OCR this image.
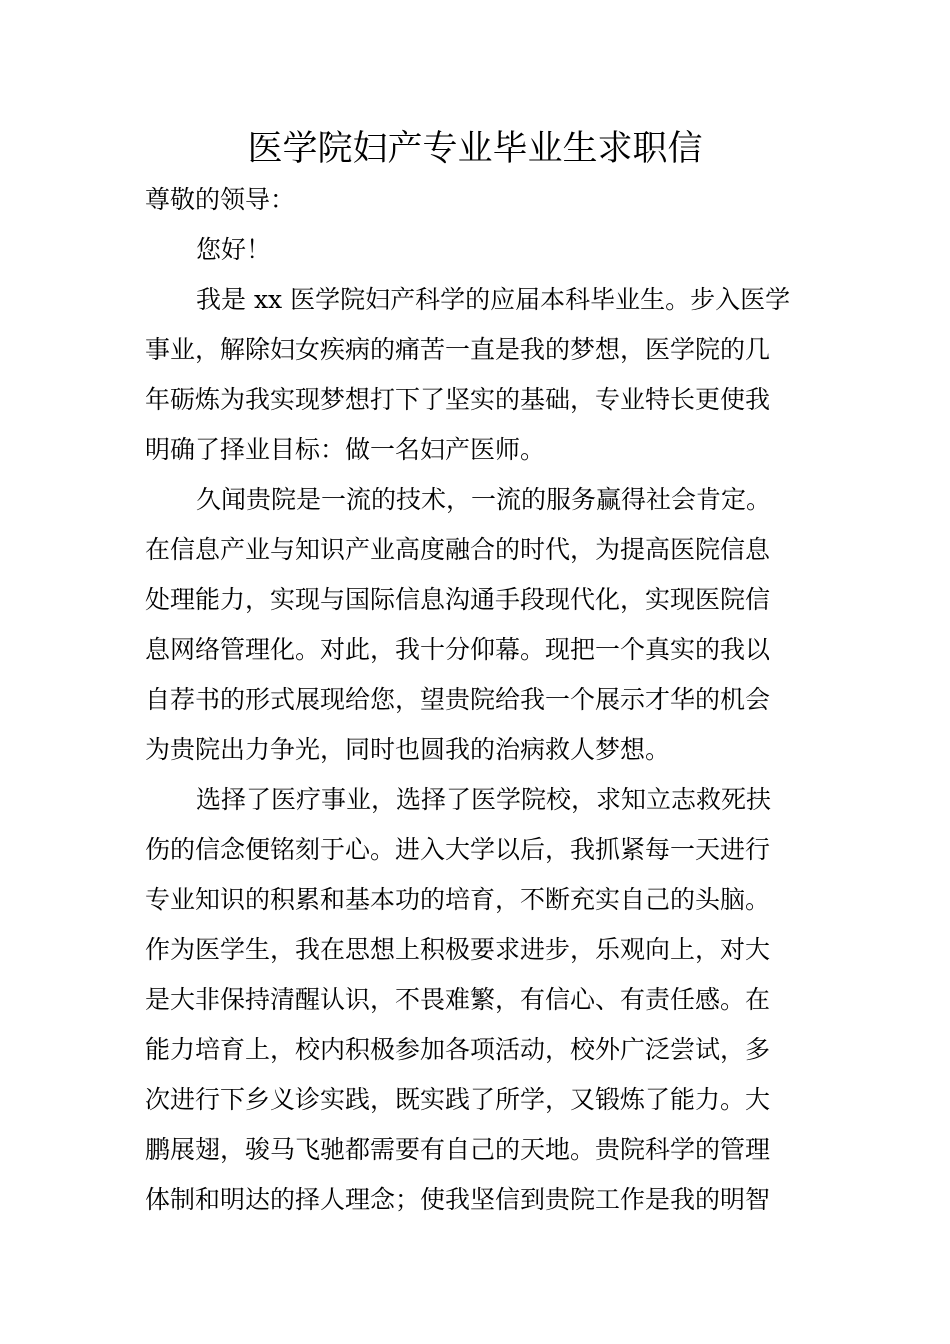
医学院妇产专业毕业生求职信

尊敬的领导：

您好！

我是 xx 医学院妇产科学的应届本科毕业生。步入医学

事业，解除妇女疾病的痛苦一直是我的梦想，医学院的几

年砺炼为我实现梦想打下了坚实的基础，专业特长更使我

明确了择业目标：做一名妇产医师。

久闻贵院是一流的技术，一流的服务赢得社会肯定。

在信息产业与知识产业高度融合的时代，为提高医院信息

处理能力，实现与国际信息沟通手段现代化，实现医院信

息网络管理化。对此，我十分仰幕。现把一个真实的我以

自荐书的形式展现给您，望贵院给我一个展示才华的机会

为贵院出力争光，同时也圆我的治病救人梦想。

选择了医疗事业，选择了医学院校，求知立志救死扶

伤的信念便铭刻于心。进入大学以后，我抓紧每一天进行

专业知识的积累和基本功的培育，不断充实自己的头脑。

作为医学生，我在思想上积极要求进步，乐观向上，对大

是大非保持清醒认识，不畏难繁，有信心、有责任感。在

能力培育上，校内积极参加各项活动，校外广泛尝试，多

次进行下乡义诊实践，既实践了所学，又锻炼了能力。大

鹏展翅，骏马飞驰都需要有自己的天地。贵院科学的管理

体制和明达的择人理念；使我坚信到贵院工作是我的明智
